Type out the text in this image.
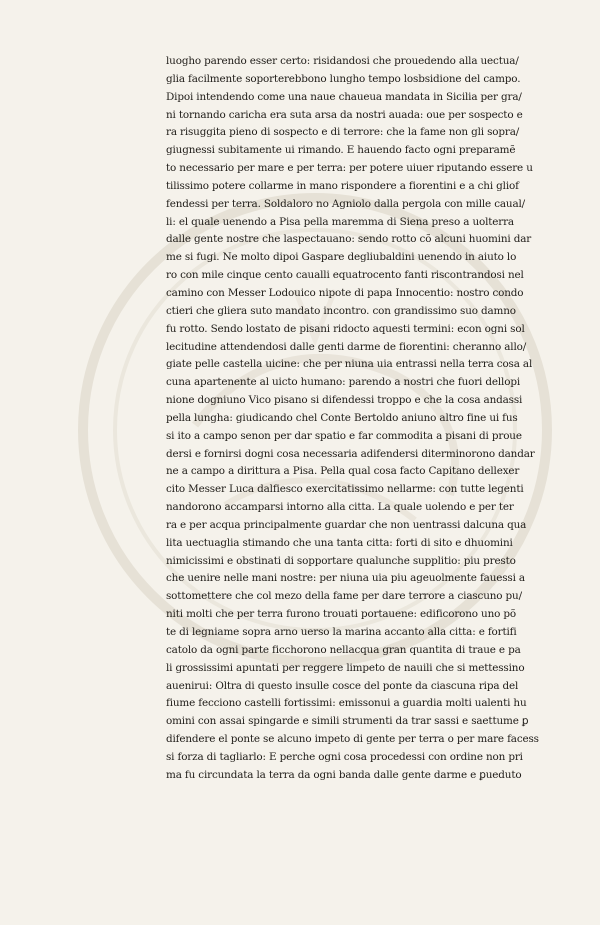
luogho parendo esser certo: risidandosi che prouedendo alla uectua/
glia facilmente soporterebbono lungho tempo losbsidione del campo.
Dipoi intendendo come una naue chaueua mandata in Sicilia per gra/
ni tornando caricha era suta arsa da nostri auada: oue per sospecto e
ra risuggita pieno di sospecto e di terrore: che la fame non gli sopra/
giugnessi subitamente ui rimando. E hauendo facto ogni preparamẽ
to necessario per mare e per terra: per potere uiuer riputando essere u
tilissimo potere collarme in mano rispondere a fiorentini e a chi gliof
fendessi per terra. Soldaloro no Agniolo dalla pergola con mille caual/
li: el quale uenendo a Pisa pella maremma di Siena preso a uolterra
dalle gente nostre che laspectauano: sendo rotto cõ alcuni huomini dar
me si fugi. Ne molto dipoi Gaspare degliubaldini uenendo in aiuto lo
ro con mile cinque cento caualli equatrocento fanti riscontrandosi nel
camino con Messer Lodouico nipote di papa Innocentio: nostro condo
ctieri che gliera suto mandato incontro. con grandissimo suo damno
fu rotto. Sendo lostato de pisani ridocto aquesti termini: econ ogni sol
lecitudine attendendosi dalle genti darme de fiorentini: cheranno allo/
giate pelle castella uicine: che per niuna uia entrassi nella terra cosa al
cuna apartenente al uicto humano: parendo a nostri che fuori dellopi
nione dogniuno Vico pisano si difendessi troppo e che la cosa andassi
pella lungha: giudicando chel Conte Bertoldo aniuno altro fine ui fus
si ito a campo senon per dar spatio e far commodita a pisani di proue
dersi e fornirsi dogni cosa necessaria adifendersi diterminorono dandar
ne a campo a dirittura a Pisa. Pella qual cosa facto Capitano dellexer
cito Messer Luca dalfiesco exercitatissimo nellarme: con tutte legenti
nandorono accamparsi intorno alla citta. La quale uolendo e per ter
ra e per acqua principalmente guardar che non uentrassi dalcuna qua
lita uectuaglia stimando che una tanta citta: forti di sito e dhuomini
nimicissimi e obstinati di sopportare qualunche supplitio: piu presto
che uenire nelle mani nostre: per niuna uia piu ageuolmente fauessi a
sottomettere che col mezo della fame per dare terrore a ciascuno pu/
niti molti che per terra furono trouati portauene: edificorono uno põ
te di legniame sopra arno uerso la marina accanto alla citta: e fortifi
catolo da ogni parte ficchorono nellacqua gran quantita di traue e pa
li grossissimi apuntati per reggere limpeto de nauili che si mettessino
auenirui: Oltra di questo insulle cosce del ponte da ciascuna ripa del
fiume fecciono castelli fortissimi: emissonui a guardia molti ualenti hu
omini con assai spingarde e simili strumenti da trar sassi e saettume ꝑ
difendere el ponte se alcuno impeto di gente per terra o per mare facess
si forza di tagliarlo: E perche ogni cosa procedessi con ordine non pri
ma fu circundata la terra da ogni banda dalle gente darme e ꝑueduto
